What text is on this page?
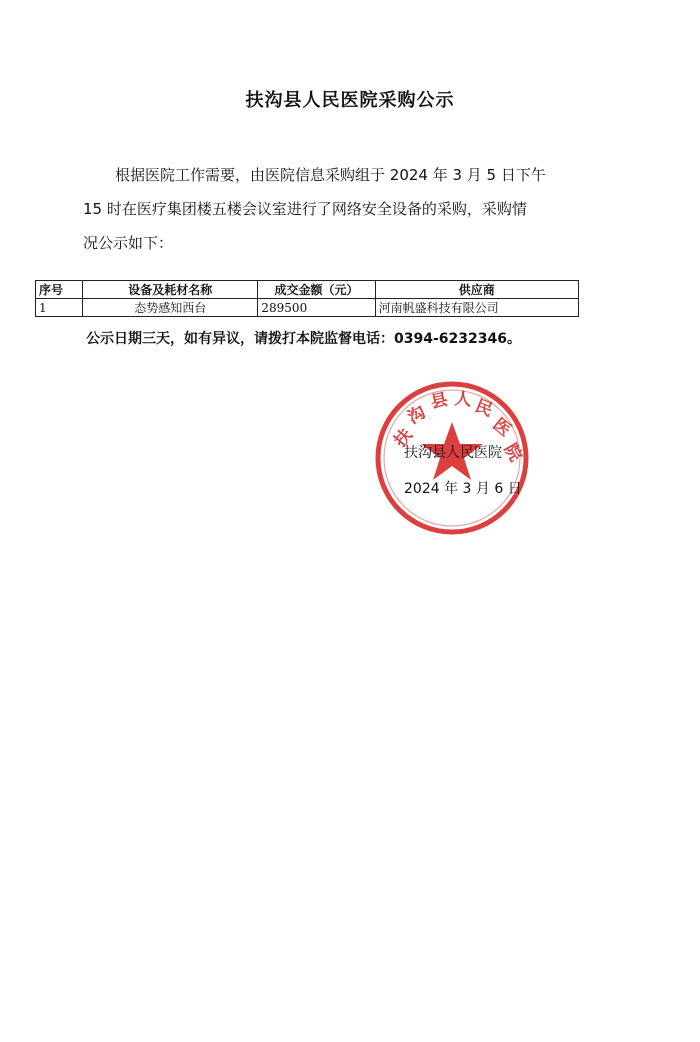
扶沟县人民医院采购公示

根据医院工作需要，由医院信息采购组于 2024 年 3 月 5 日下午

15 时在医疗集团楼五楼会议室进行了网络安全设备的采购，采购情

况公示如下：

序号	设备及耗材名称	成交金额（元）	供应商
1	态势感知西台	289500	河南帆盛科技有限公司
公示日期三天，如有异议，请拨打本院监督电话：0394-6232346。
扶
沟
县 人 民
医
院
扶沟县人民医院
2024 年 3 月 6 日
